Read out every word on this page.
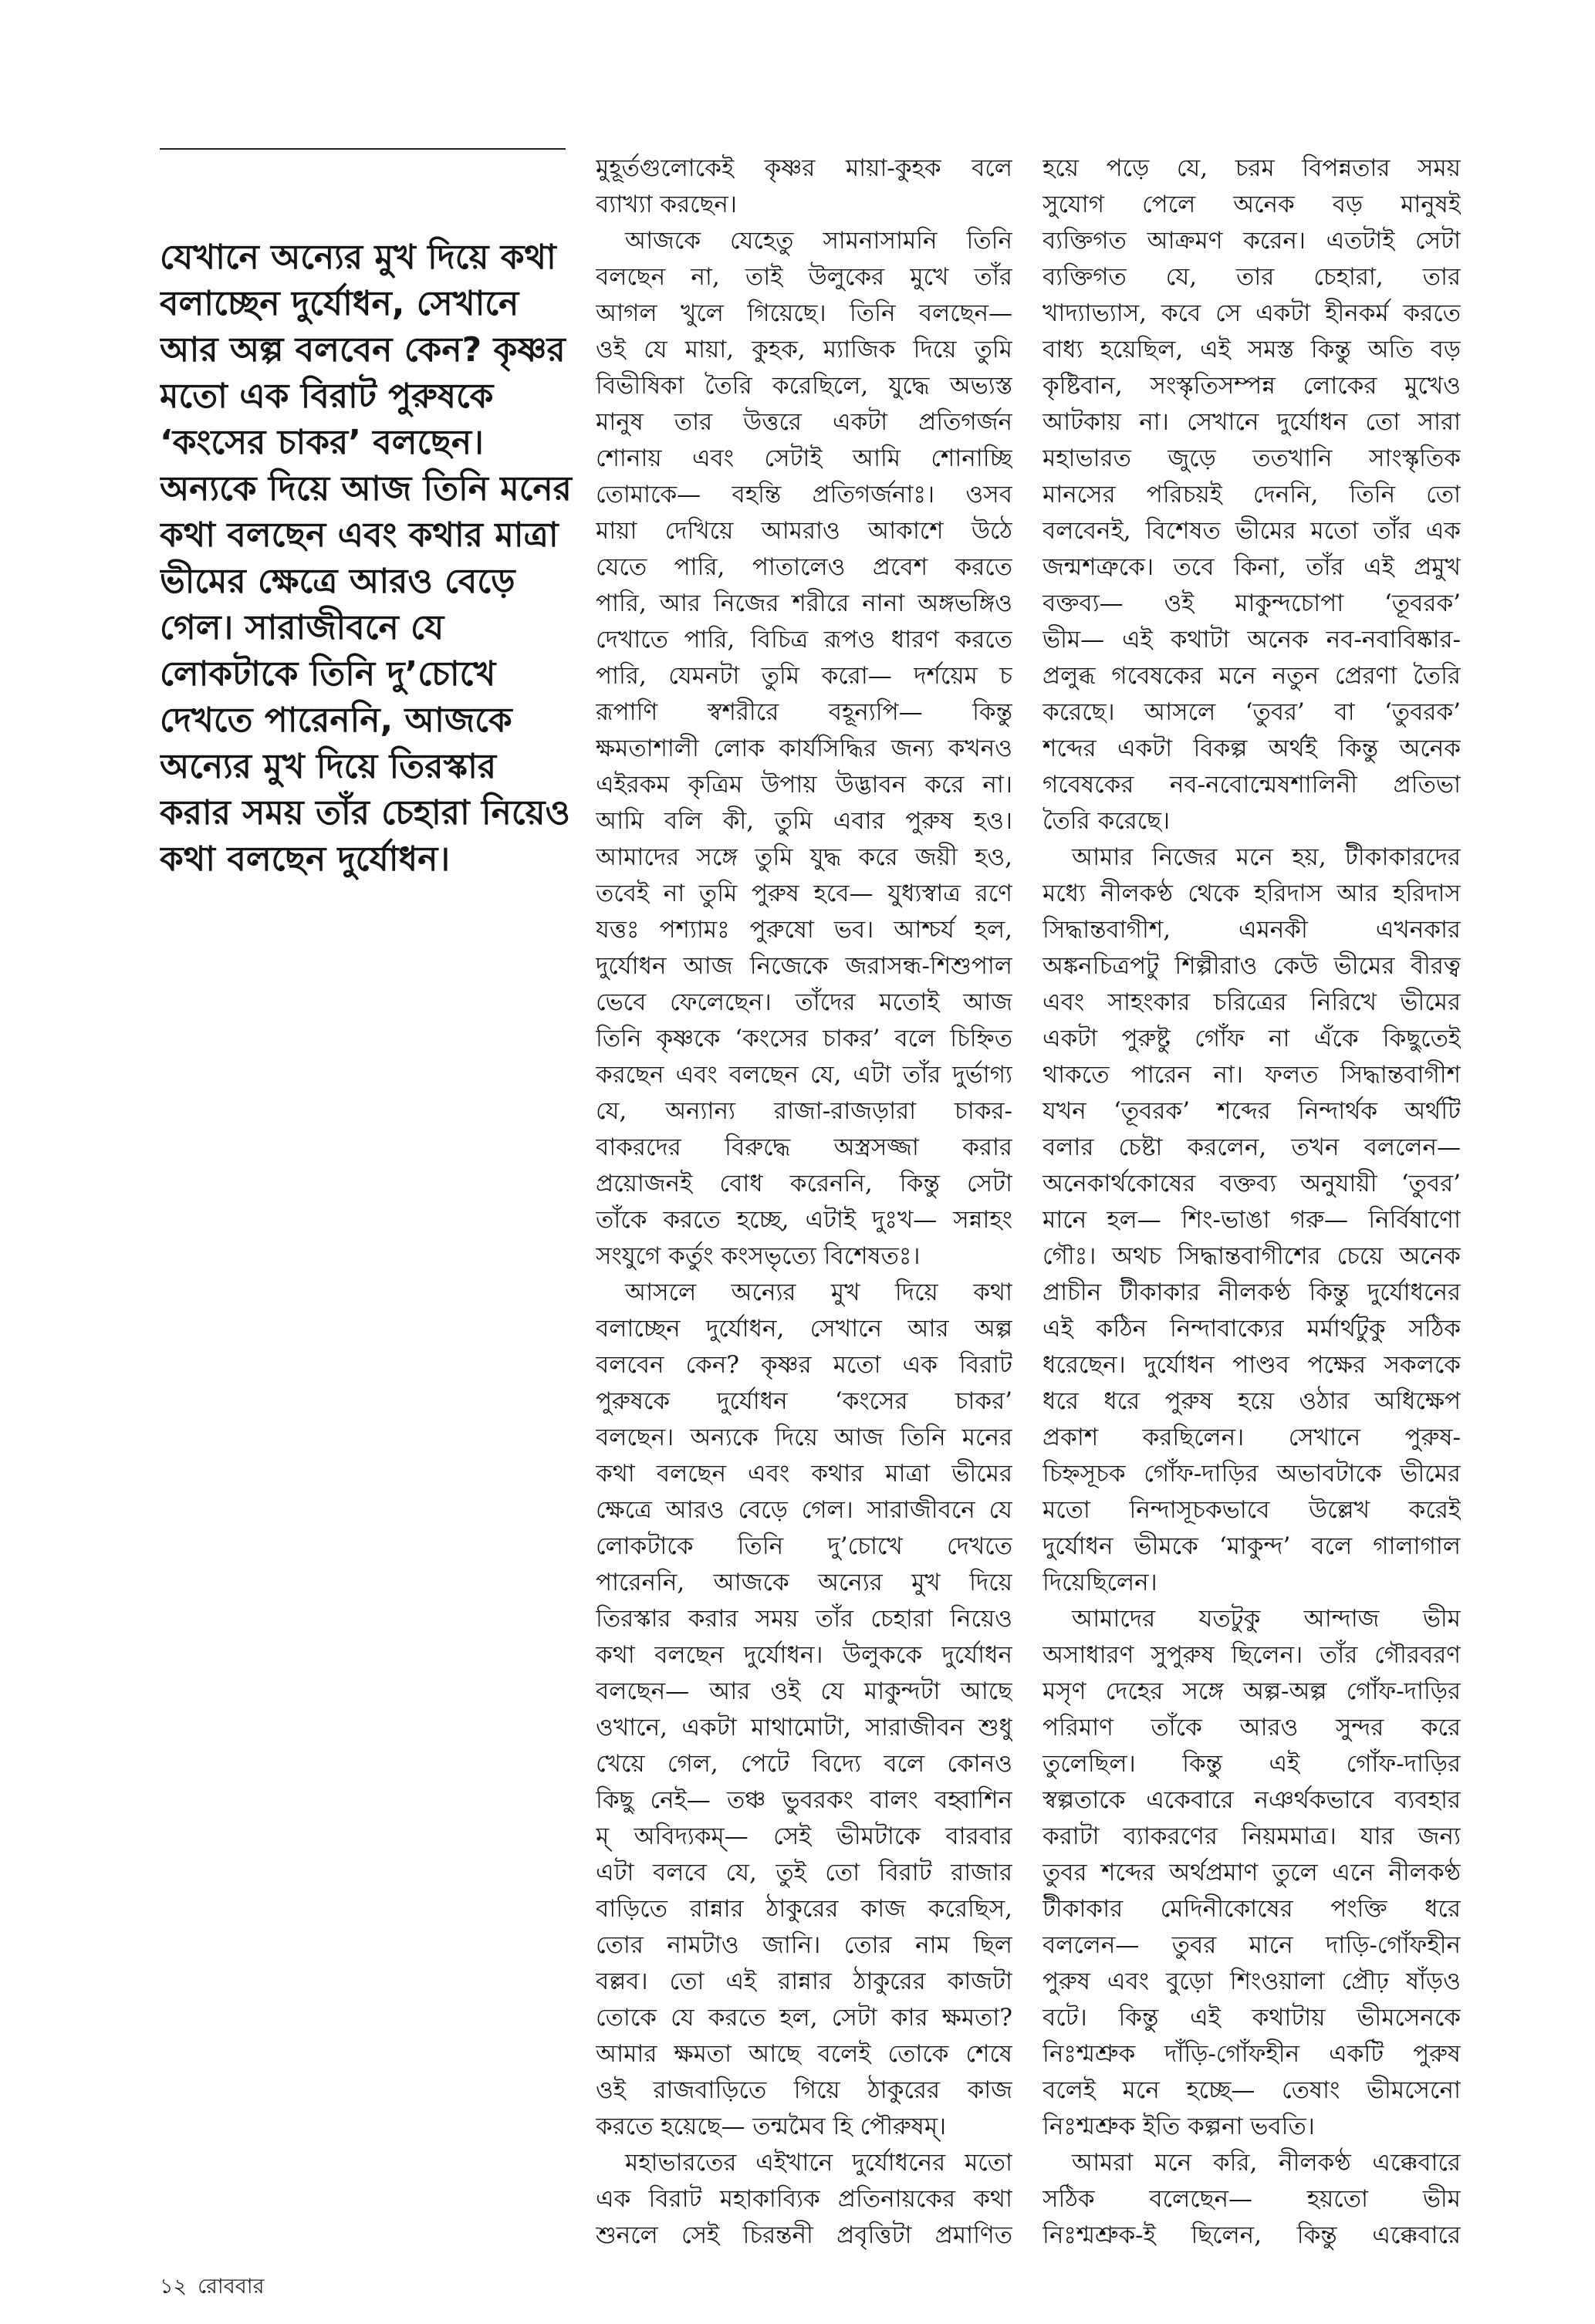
যেখানে অন্যের মুখ দিয়ে কথা
বলাচ্ছেন দুর্যোধন, সেখানে
আর অল্প বলবেন কেন? কৃষ্ণর
মতো এক বিরাট পুরুষকে
‘কংসের চাকর’ বলছেন।
অন্যকে দিয়ে আজ তিনি মনের
কথা বলছেন এবং কথার মাত্রা
ভীমের ক্ষেত্রে আরও বেড়ে
গেল। সারাজীবনে যে
লোকটাকে তিনি দু’চোখে
দেখতে পারেননি, আজকে
অন্যের মুখ দিয়ে তিরস্কার
করার সময় তাঁর চেহারা নিয়েও
কথা বলছেন দুর্যোধন।
মুহূর্তগুলোকেই কৃষ্ণর মায়া-কুহক বলে
ব্যাখ্যা করছেন।
আজকে যেহেতু সামনাসামনি তিনি
বলছেন না, তাই উলুকের মুখে তাঁর
আগল খুলে গিয়েছে। তিনি বলছেন—
ওই যে মায়া, কুহক, ম্যাজিক দিয়ে তুমি
বিভীষিকা তৈরি করেছিলে, যুদ্ধে অভ্যস্ত
মানুষ তার উত্তরে একটা প্রতিগর্জন
শোনায় এবং সেটাই আমি শোনাচ্ছি
তোমাকে— বহন্তি প্রতিগর্জনাঃ। ওসব
মায়া দেখিয়ে আমরাও আকাশে উঠে
যেতে পারি, পাতালেও প্রবেশ করতে
পারি, আর নিজের শরীরে নানা অঙ্গভঙ্গিও
দেখাতে পারি, বিচিত্র রূপও ধারণ করতে
পারি, যেমনটা তুমি করো— দর্শয়েম চ
রূপাণি স্বশরীরে বহূন্যপি— কিন্তু
ক্ষমতাশালী লোক কার্যসিদ্ধির জন্য কখনও
এইরকম কৃত্রিম উপায় উদ্ভাবন করে না।
আমি বলি কী, তুমি এবার পুরুষ হও।
আমাদের সঙ্গে তুমি যুদ্ধ করে জয়ী হও,
তবেই না তুমি পুরুষ হবে— যুধ্যস্বাত্র রণে
যত্তঃ পশ্যামঃ পুরুষো ভব। আশ্চর্য হল,
দুর্যোধন আজ নিজেকে জরাসন্ধ-শিশুপাল
ভেবে ফেলেছেন। তাঁদের মতোই আজ
তিনি কৃষ্ণকে ‘কংসের চাকর’ বলে চিহ্নিত
করছেন এবং বলছেন যে, এটা তাঁর দুর্ভাগ্য
যে, অন্যান্য রাজা-রাজড়ারা চাকর-
বাকরদের বিরুদ্ধে অস্ত্রসজ্জা করার
প্রয়োজনই বোধ করেননি, কিন্তু সেটা
তাঁকে করতে হচ্ছে, এটাই দুঃখ— সন্নাহং
সংযুগে কর্তুং কংসভৃত্যে বিশেষতঃ।
আসলে অন্যের মুখ দিয়ে কথা
বলাচ্ছেন দুর্যোধন, সেখানে আর অল্প
বলবেন কেন? কৃষ্ণর মতো এক বিরাট
পুরুষকে দুর্যোধন ‘কংসের চাকর’
বলছেন। অন্যকে দিয়ে আজ তিনি মনের
কথা বলছেন এবং কথার মাত্রা ভীমের
ক্ষেত্রে আরও বেড়ে গেল। সারাজীবনে যে
লোকটাকে তিনি দু’চোখে দেখতে
পারেননি, আজকে অন্যের মুখ দিয়ে
তিরস্কার করার সময় তাঁর চেহারা নিয়েও
কথা বলছেন দুর্যোধন। উলুককে দুর্যোধন
বলছেন— আর ওই যে মাকুন্দটা আছে
ওখানে, একটা মাথামোটা, সারাজীবন শুধু
খেয়ে গেল, পেটে বিদ্যে বলে কোনও
কিছু নেই— তঞ্চ ভুবরকং বালং বহ্বাশিন
ম্ অবিদ্যকম্— সেই ভীমটাকে বারবার
এটা বলবে যে, তুই তো বিরাট রাজার
বাড়িতে রান্নার ঠাকুরের কাজ করেছিস,
তোর নামটাও জানি। তোর নাম ছিল
বল্লব। তো এই রান্নার ঠাকুরের কাজটা
তোকে যে করতে হল, সেটা কার ক্ষমতা?
আমার ক্ষমতা আছে বলেই তোকে শেষে
ওই রাজবাড়িতে গিয়ে ঠাকুরের কাজ
করতে হয়েছে— তন্মমৈব হি পৌরুষম্।
মহাভারতের এইখানে দুর্যোধনের মতো
এক বিরাট মহাকাব্যিক প্রতিনায়কের কথা
শুনলে সেই চিরন্তনী প্রবৃত্তিটা প্রমাণিত
হয়ে পড়ে যে, চরম বিপন্নতার সময়
সুযোগ পেলে অনেক বড় মানুষই
ব্যক্তিগত আক্রমণ করেন। এতটাই সেটা
ব্যক্তিগত যে, তার চেহারা, তার
খাদ্যাভ্যাস, কবে সে একটা হীনকর্ম করতে
বাধ্য হয়েছিল, এই সমস্ত কিন্তু অতি বড়
কৃষ্টিবান, সংস্কৃতিসম্পন্ন লোকের মুখেও
আটকায় না। সেখানে দুর্যোধন তো সারা
মহাভারত জুড়ে ততখানি সাংস্কৃতিক
মানসের পরিচয়ই দেননি, তিনি তো
বলবেনই, বিশেষত ভীমের মতো তাঁর এক
জন্মশত্রুকে। তবে কিনা, তাঁর এই প্রমুখ
বক্তব্য— ওই মাকুন্দচোপা ‘তূবরক’
ভীম— এই কথাটা অনেক নব-নবাবিষ্কার-
প্রলুব্ধ গবেষকের মনে নতুন প্রেরণা তৈরি
করেছে। আসলে ‘তুবর’ বা ‘তুবরক’
শব্দের একটা বিকল্প অর্থই কিন্তু অনেক
গবেষকের নব-নবোন্মেষশালিনী প্রতিভা
তৈরি করেছে।
আমার নিজের মনে হয়, টীকাকারদের
মধ্যে নীলকণ্ঠ থেকে হরিদাস আর হরিদাস
সিদ্ধান্তবাগীশ, এমনকী এখনকার
অঙ্কনচিত্রপটু শিল্পীরাও কেউ ভীমের বীরত্ব
এবং সাহংকার চরিত্রের নিরিখে ভীমের
একটা পুরুষ্টু গোঁফ না এঁকে কিছুতেই
থাকতে পারেন না। ফলত সিদ্ধান্তবাগীশ
যখন ‘তূবরক’ শব্দের নিন্দার্থক অর্থটি
বলার চেষ্টা করলেন, তখন বললেন—
অনেকার্থকোষের বক্তব্য অনুযায়ী ‘তুবর’
মানে হল— শিং-ভাঙা গরু— নির্বিষাণো
গৌঃ। অথচ সিদ্ধান্তবাগীশের চেয়ে অনেক
প্রাচীন টীকাকার নীলকণ্ঠ কিন্তু দুর্যোধনের
এই কঠিন নিন্দাবাক্যের মর্মার্থটুকু সঠিক
ধরেছেন। দুর্যোধন পাণ্ডব পক্ষের সকলকে
ধরে ধরে পুরুষ হয়ে ওঠার অধিক্ষেপ
প্রকাশ করছিলেন। সেখানে পুরুষ-
চিহ্নসূচক গোঁফ-দাড়ির অভাবটাকে ভীমের
মতো নিন্দাসূচকভাবে উল্লেখ করেই
দুর্যোধন ভীমকে ‘মাকুন্দ’ বলে গালাগাল
দিয়েছিলেন।
আমাদের যতটুকু আন্দাজ ভীম
অসাধারণ সুপুরুষ ছিলেন। তাঁর গৌরবরণ
মসৃণ দেহের সঙ্গে অল্প-অল্প গোঁফ-দাড়ির
পরিমাণ তাঁকে আরও সুন্দর করে
তুলেছিল। কিন্তু এই গোঁফ-দাড়ির
স্বল্পতাকে একেবারে নঞর্থকভাবে ব্যবহার
করাটা ব্যাকরণের নিয়মমাত্র। যার জন্য
তুবর শব্দের অর্থপ্রমাণ তুলে এনে নীলকণ্ঠ
টীকাকার মেদিনীকোষের পংক্তি ধরে
বললেন— তুবর মানে দাড়ি-গোঁফহীন
পুরুষ এবং বুড়ো শিংওয়ালা প্রৌঢ় ষাঁড়ও
বটে। কিন্তু এই কথাটায় ভীমসেনকে
নিঃশ্মশ্রুক দাঁড়ি-গোঁফহীন একটি পুরুষ
বলেই মনে হচ্ছে— তেষাং ভীমসেনো
নিঃশ্মশ্রুক ইতি কল্পনা ভবতি।
আমরা মনে করি, নীলকণ্ঠ এক্কেবারে
সঠিক বলেছেন— হয়তো ভীম
নিঃশ্মশ্রুক-ই ছিলেন, কিন্তু এক্কেবারে
১২ রোববার
